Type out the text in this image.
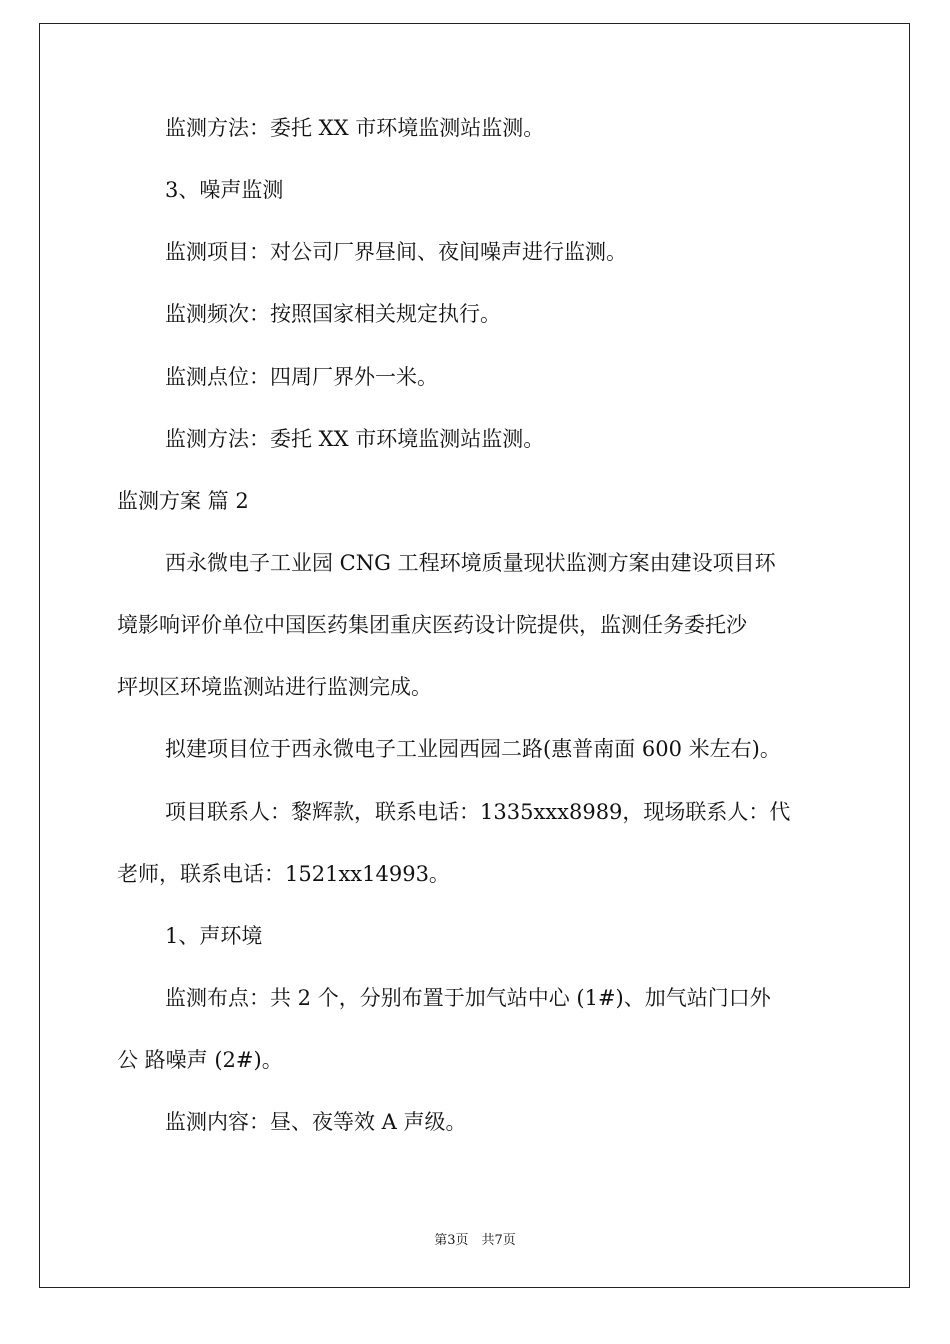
监测方法：委托 XX 市环境监测站监测。
3、噪声监测
监测项目：对公司厂界昼间、夜间噪声进行监测。
监测频次：按照国家相关规定执行。
监测点位：四周厂界外一米。
监测方法：委托 XX 市环境监测站监测。
监测方案 篇 2
西永微电子工业园 CNG 工程环境质量现状监测方案由建设项目环
境影响评价单位中国医药集团重庆医药设计院提供，监测任务委托沙
坪坝区环境监测站进行监测完成。
拟建项目位于西永微电子工业园西园二路(惠普南面 600 米左右)。
项目联系人：黎辉款，联系电话：1335xxx8989，现场联系人：代
老师，联系电话：1521xx14993。
1、声环境
监测布点：共 2 个，分别布置于加气站中心 (1#)、加气站门口外
公 路噪声 (2#)。
监测内容：昼、夜等效 A 声级。
第3页　共7页
